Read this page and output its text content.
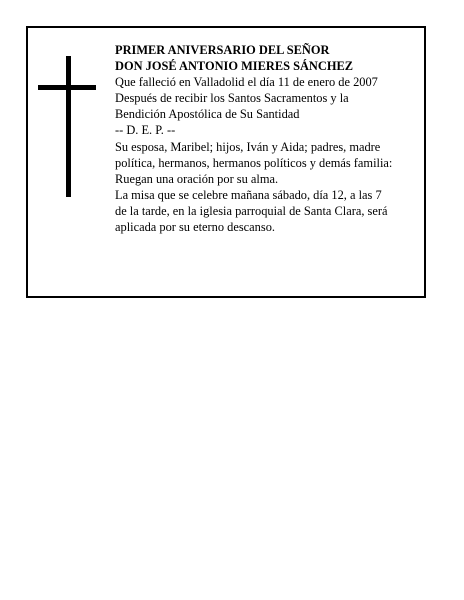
PRIMER ANIVERSARIO DEL SEÑOR
DON JOSÉ ANTONIO MIERES SÁNCHEZ
Que falleció en Valladolid el día 11 de enero de 2007
Después de recibir los Santos Sacramentos y la
Bendición Apostólica de Su Santidad
-- D. E. P. --
Su esposa, Maribel; hijos, Iván y Aida; padres, madre
política, hermanos, hermanos políticos y demás familia:
Ruegan una oración por su alma.
La misa que se celebre mañana sábado, día 12, a las 7
de la tarde, en la iglesia parroquial de Santa Clara, será
aplicada por su eterno descanso.
